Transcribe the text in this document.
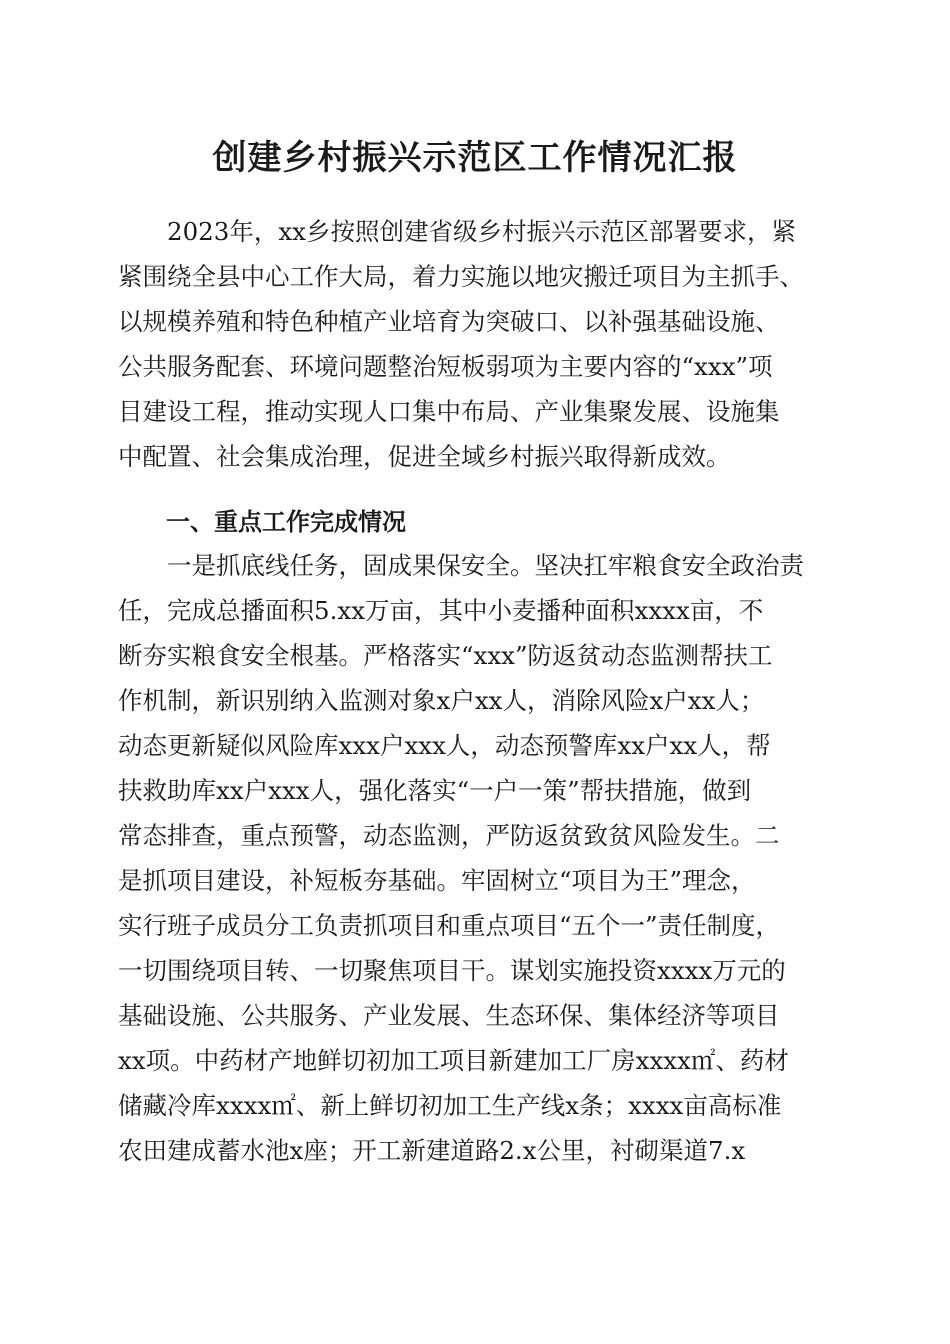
创建乡村振兴示范区工作情况汇报

　　2023年，xx乡按照创建省级乡村振兴示范区部署要求，紧

紧围绕全县中心工作大局，着力实施以地灾搬迁项目为主抓手、

以规模养殖和特色种植产业培育为突破口、以补强基础设施、

公共服务配套、环境问题整治短板弱项为主要内容的“xxx”项

目建设工程，推动实现人口集中布局、产业集聚发展、设施集

中配置、社会集成治理，促进全域乡村振兴取得新成效。

　　一、重点工作完成情况

　　一是抓底线任务，固成果保安全。坚决扛牢粮食安全政治责

任，完成总播面积5.xx万亩，其中小麦播种面积xxxx亩，不

断夯实粮食安全根基。严格落实“xxx”防返贫动态监测帮扶工

作机制，新识别纳入监测对象x户xx人，消除风险x户xx人；

动态更新疑似风险库xxx户xxx人，动态预警库xx户xx人，帮

扶救助库xx户xxx人，强化落实“一户一策”帮扶措施，做到

常态排查，重点预警，动态监测，严防返贫致贫风险发生。二

是抓项目建设，补短板夯基础。牢固树立“项目为王”理念，

实行班子成员分工负责抓项目和重点项目“五个一”责任制度，

一切围绕项目转、一切聚焦项目干。谋划实施投资xxxx万元的

基础设施、公共服务、产业发展、生态环保、集体经济等项目

xx项。中药材产地鲜切初加工项目新建加工厂房xxxx㎡、药材

储藏冷库xxxx㎡、新上鲜切初加工生产线x条；xxxx亩高标准

农田建成蓄水池x座；开工新建道路2.x公里，衬砌渠道7.x
